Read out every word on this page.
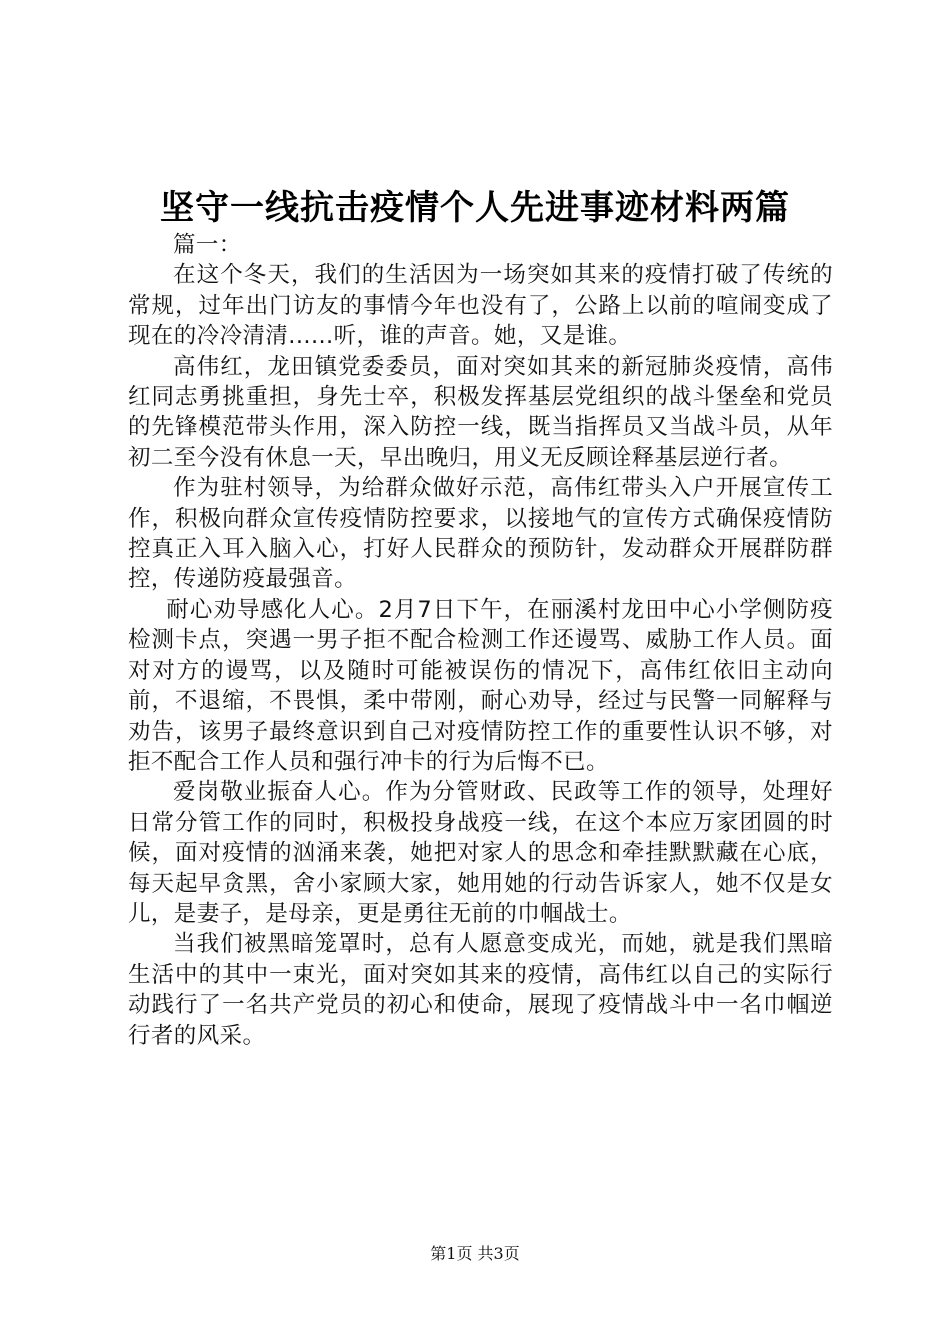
坚守一线抗击疫情个人先进事迹材料两篇

篇一：

在这个冬天，我们的生活因为一场突如其来的疫情打破了传统的常规，过年出门访友的事情今年也没有了，公路上以前的喧闹变成了现在的冷冷清清......听，谁的声音。她，又是谁。

高伟红，龙田镇党委委员，面对突如其来的新冠肺炎疫情，高伟红同志勇挑重担，身先士卒，积极发挥基层党组织的战斗堡垒和党员的先锋模范带头作用，深入防控一线，既当指挥员又当战斗员，从年初二至今没有休息一天，早出晚归，用义无反顾诠释基层逆行者。

作为驻村领导，为给群众做好示范，高伟红带头入户开展宣传工作，积极向群众宣传疫情防控要求，以接地气的宣传方式确保疫情防控真正入耳入脑入心，打好人民群众的预防针，发动群众开展群防群控，传递防疫最强音。

耐心劝导感化人心。2月7日下午，在丽溪村龙田中心小学侧防疫检测卡点，突遇一男子拒不配合检测工作还谩骂、威胁工作人员。面对对方的谩骂，以及随时可能被误伤的情况下，高伟红依旧主动向前，不退缩，不畏惧，柔中带刚，耐心劝导，经过与民警一同解释与劝告，该男子最终意识到自己对疫情防控工作的重要性认识不够，对拒不配合工作人员和强行冲卡的行为后悔不已。

爱岗敬业振奋人心。作为分管财政、民政等工作的领导，处理好日常分管工作的同时，积极投身战疫一线，在这个本应万家团圆的时候，面对疫情的汹涌来袭，她把对家人的思念和牵挂默默藏在心底，每天起早贪黑，舍小家顾大家，她用她的行动告诉家人，她不仅是女儿，是妻子，是母亲，更是勇往无前的巾帼战士。

当我们被黑暗笼罩时，总有人愿意变成光，而她，就是我们黑暗生活中的其中一束光，面对突如其来的疫情，高伟红以自己的实际行动践行了一名共产党员的初心和使命，展现了疫情战斗中一名巾帼逆行者的风采。

第1页 共3页
